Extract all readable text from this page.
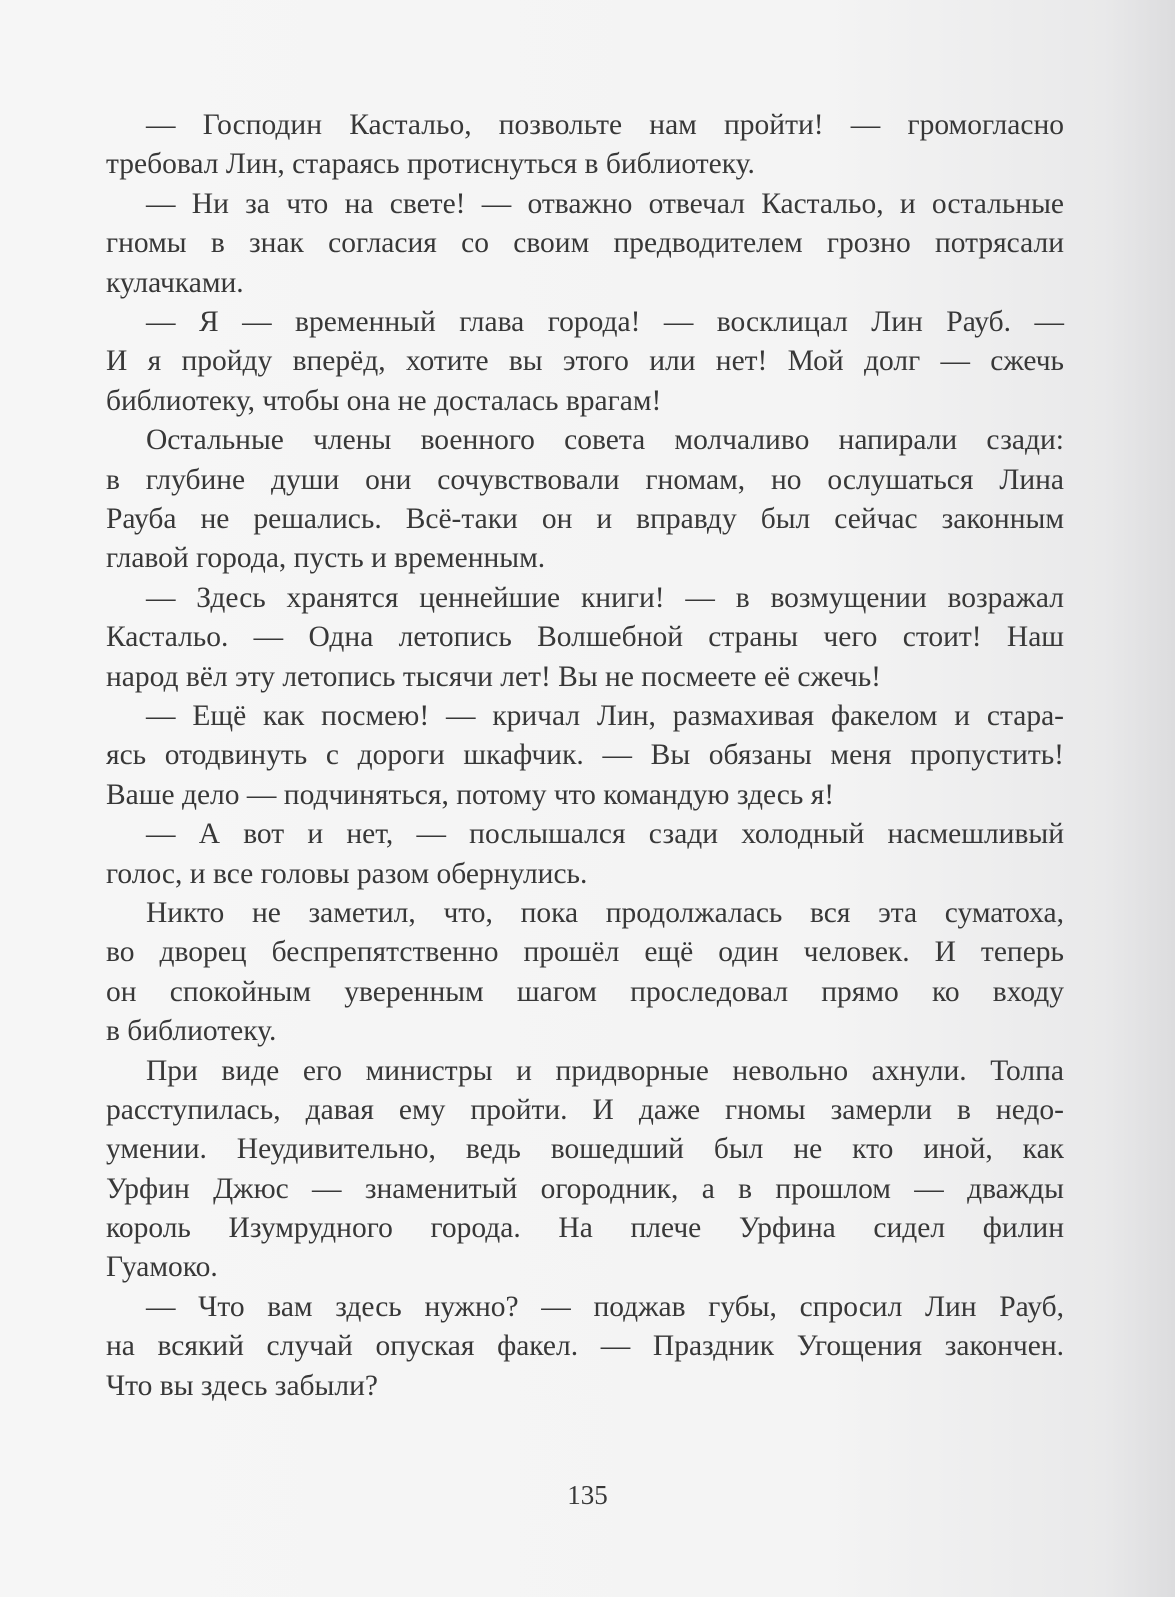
— Господин Кастальо, позвольте нам пройти! — громогласно
требовал Лин, стараясь протиснуться в библиотеку.
— Ни за что на свете! — отважно отвечал Кастальо, и остальные
гномы в знак согласия со своим предводителем грозно потрясали
кулачками.
— Я — временный глава города! — восклицал Лин Рауб. —
И я пройду вперёд, хотите вы этого или нет! Мой долг — сжечь
библиотеку, чтобы она не досталась врагам!
Остальные члены военного совета молчаливо напирали сзади:
в глубине души они сочувствовали гномам, но ослушаться Лина
Рауба не решались. Всё-таки он и вправду был сейчас законным
главой города, пусть и временным.
— Здесь хранятся ценнейшие книги! — в возмущении возражал
Кастальо. — Одна летопись Волшебной страны чего стоит! Наш
народ вёл эту летопись тысячи лет! Вы не посмеете её сжечь!
— Ещё как посмею! — кричал Лин, размахивая факелом и стара-
ясь отодвинуть с дороги шкафчик. — Вы обязаны меня пропустить!
Ваше дело — подчиняться, потому что командую здесь я!
— А вот и нет, — послышался сзади холодный насмешливый
голос, и все головы разом обернулись.
Никто не заметил, что, пока продолжалась вся эта суматоха,
во дворец беспрепятственно прошёл ещё один человек. И теперь
он спокойным уверенным шагом проследовал прямо ко входу
в библиотеку.
При виде его министры и придворные невольно ахнули. Толпа
расступилась, давая ему пройти. И даже гномы замерли в недо-
умении. Неудивительно, ведь вошедший был не кто иной, как
Урфин Джюс — знаменитый огородник, а в прошлом — дважды
король Изумрудного города. На плече Урфина сидел филин
Гуамоко.
— Что вам здесь нужно? — поджав губы, спросил Лин Рауб,
на всякий случай опуская факел. — Праздник Угощения закончен.
Что вы здесь забыли?
135
